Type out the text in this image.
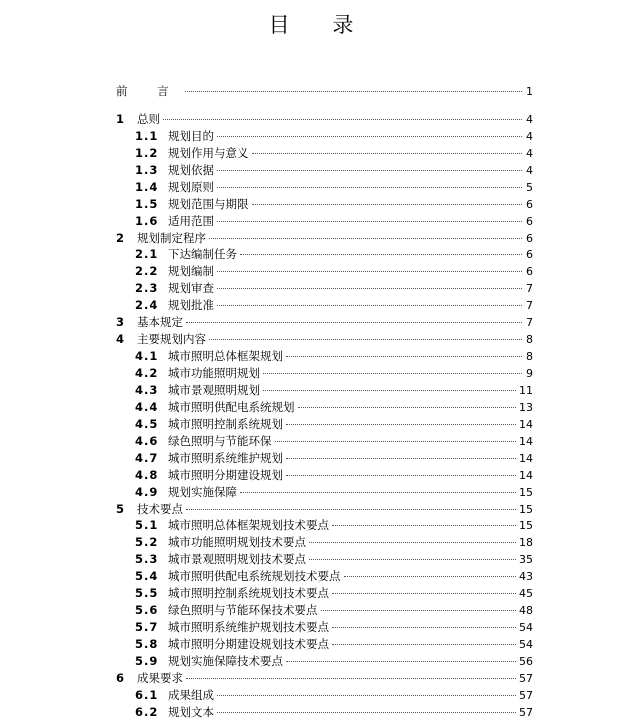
目 录
前 言	1
1	总则	4
1.1 规划目的	4
1.2 规划作用与意义	4
1.3 规划依据	4
1.4 规划原则	5
1.5 规划范围与期限	6
1.6 适用范围	6
2	规划制定程序	6
2.1 下达编制任务	6
2.2 规划编制	6
2.3 规划审查	7
2.4 规划批准	7
3	基本规定	7
4	主要规划内容	8
4.1 城市照明总体框架规划	8
4.2 城市功能照明规划	9
4.3 城市景观照明规划	11
4.4 城市照明供配电系统规划	13
4.5 城市照明控制系统规划	14
4.6 绿色照明与节能环保	14
4.7 城市照明系统维护规划	14
4.8 城市照明分期建设规划	14
4.9 规划实施保障	15
5	技术要点	15
5.1 城市照明总体框架规划技术要点	15
5.2 城市功能照明规划技术要点	18
5.3 城市景观照明规划技术要点	35
5.4 城市照明供配电系统规划技术要点	43
5.5 城市照明控制系统规划技术要点	45
5.6 绿色照明与节能环保技术要点	48
5.7 城市照明系统维护规划技术要点	54
5.8 城市照明分期建设规划技术要点	54
5.9 规划实施保障技术要点	56
6	成果要求	57
6.1 成果组成	57
6.2 规划文本	57
